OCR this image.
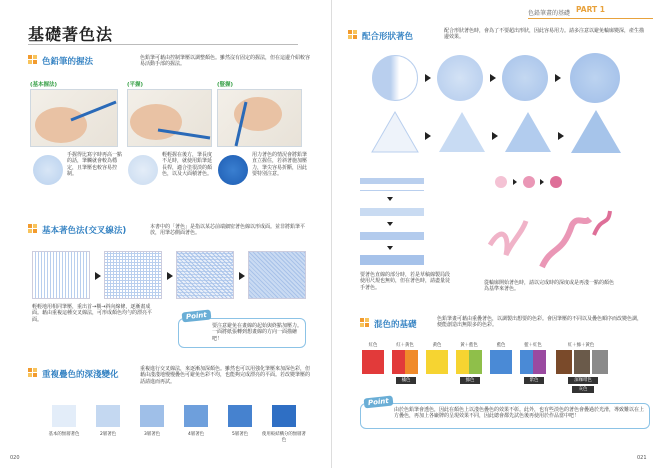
基礎著色法
色鉛筆的握法	色鉛筆可藉由控制筆壓以調整顏色。雖然沒有固定的握法，但在這邊介紹較容易活動手部的握法。
(基本握法)	(平握)	(豎握)
手握得比寫字時再高一點的話，筆觸就會較為穩定，且筆壓也較容易控制。
輕輕握在後方，筆長度不足時，就使用鉛筆延長桿，適合塗很淡的顏色，以及大面積著色。
用力著色的情況會將鉛筆直立握住，若斜著施加壓力，筆尖容易折斷，因此要特別注意。
基本著色法(交叉線法)	本書中的「著色」是指以某芯前端細密著色線以形成面。並非將鉛筆平放，用筆芯側面著色。
輕輕地用相同筆壓，重出首→橫→斜向線條，逐漸畫成面。藉由重複這種交叉線法，可形成顏色均勻的漂亮平面。	Point
要注意避免在畫線的起始與終點加壓力。一面將紙張轉到想畫線的方向一面描繪吧！
重複疊色的深淺變化
重複進行交叉線法，來逐漸加深顏色。雖然也可以用強化筆壓來加深色彩，但藉由淺淺地慢慢疊色可避免色彩不均，也能夠完成漂亮的平面。若改變筆壓的話請進而再試。
基本的無層著色	2層著色	3層著色	4層著色	5層著色	使用較結構分的無層著色
020
色鉛筆畫的基礎 PART 1
配合形狀著色
配合形狀著色時，會為了不要超出形狀，因此容易用力。請多注意以避免輪廓變深，產生描邊效果。
要著色直線的部分時，若是草稿線製局段使用尺規也無妨，但在著色時，請盡量徒手著色。
從輪廓開始著色時，請以完成時的深度或是再淺一點的顏色為基準來著色。
混色的基礎
色鉛筆畫可藉由重疊著色，以調製出想要的色彩。會因筆壓的不同以及疊色順序而改變色調，便能創造出無限多的色彩。
紅色	紅＋黃色	黃色	黃＋藍色	藍色	藍＋紅色	紅＋綠＋黃色
橘色	綠色	紫色	深咖啡色
灰色
Point
由於色鉛筆會透色，因此在顏色上以淺色疊色的效果不彰。此外，也有些淡色的著色會疊過於光滑，導致難以在上方疊色，再加上各廠牌的呈現效果不同，因此總會都先試色後再使用於作品當中吧！
021
